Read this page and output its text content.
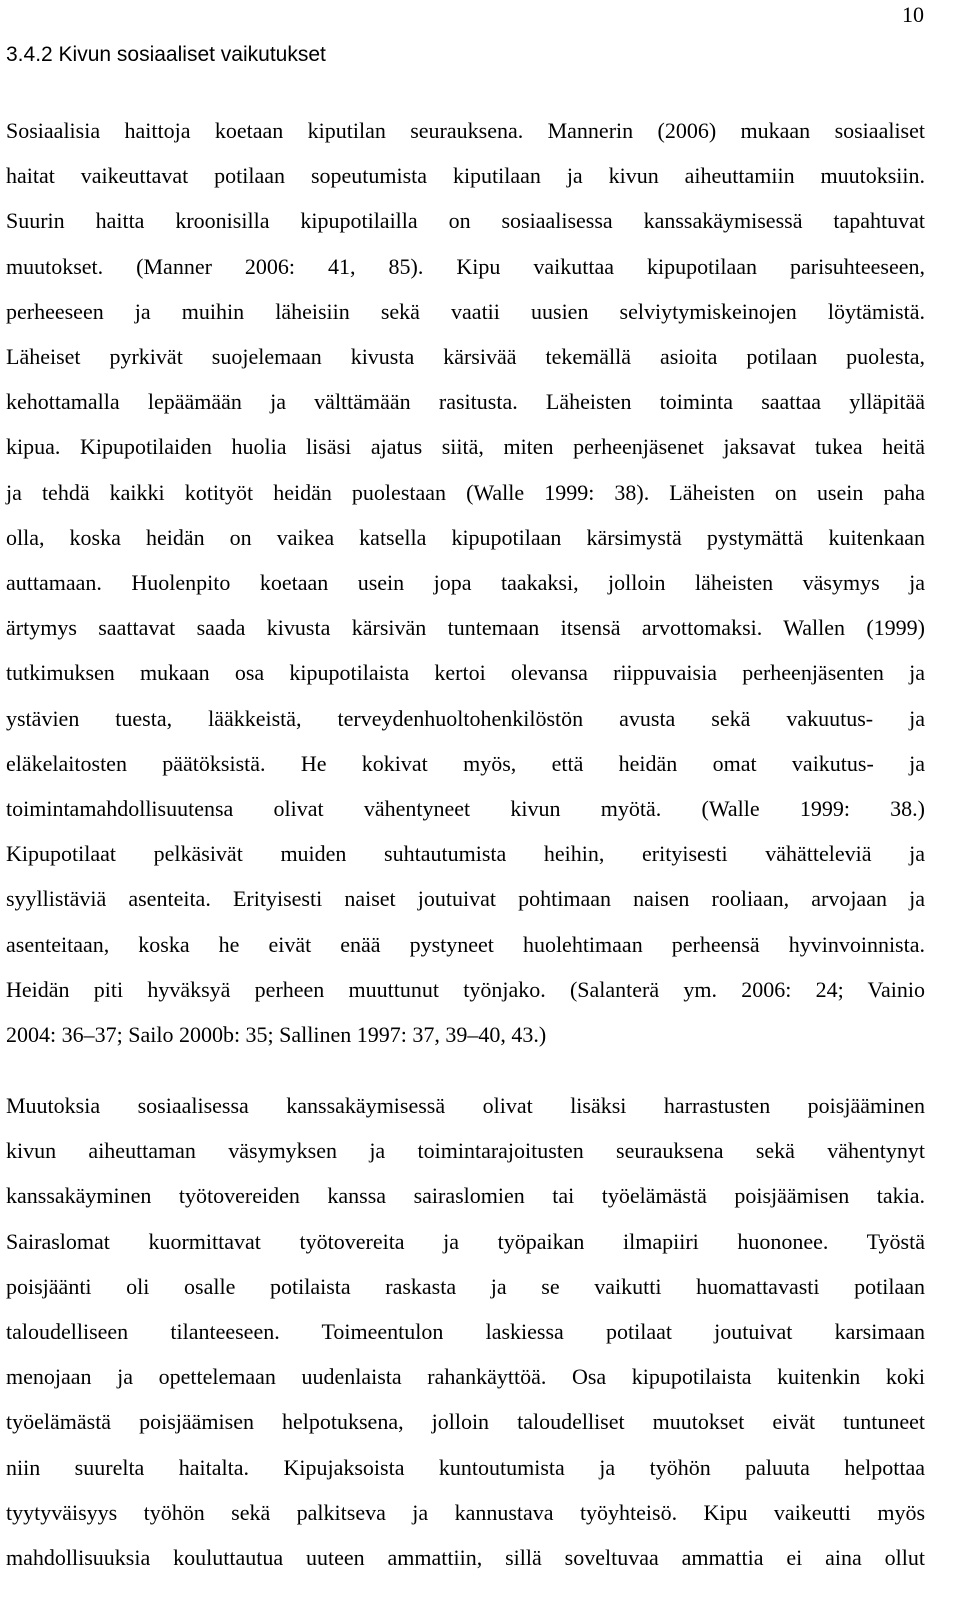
10
3.4.2 Kivun sosiaaliset vaikutukset
Sosiaalisia haittoja koetaan kiputilan seurauksena. Mannerin (2006) mukaan sosiaaliset
haitat vaikeuttavat potilaan sopeutumista kiputilaan ja kivun aiheuttamiin muutoksiin.
Suurin haitta kroonisilla kipupotilailla on sosiaalisessa kanssakäymisessä tapahtuvat
muutokset. (Manner 2006: 41, 85). Kipu vaikuttaa kipupotilaan parisuhteeseen,
perheeseen ja muihin läheisiin sekä vaatii uusien selviytymiskeinojen löytämistä.
Läheiset pyrkivät suojelemaan kivusta kärsivää tekemällä asioita potilaan puolesta,
kehottamalla lepäämään ja välttämään rasitusta. Läheisten toiminta saattaa ylläpitää
kipua. Kipupotilaiden huolia lisäsi ajatus siitä, miten perheenjäsenet jaksavat tukea heitä
ja tehdä kaikki kotityöt heidän puolestaan (Walle 1999: 38). Läheisten on usein paha
olla, koska heidän on vaikea katsella kipupotilaan kärsimystä pystymättä kuitenkaan
auttamaan. Huolenpito koetaan usein jopa taakaksi, jolloin läheisten väsymys ja
ärtymys saattavat saada kivusta kärsivän tuntemaan itsensä arvottomaksi. Wallen (1999)
tutkimuksen mukaan osa kipupotilaista kertoi olevansa riippuvaisia perheenjäsenten ja
ystävien tuesta, lääkkeistä, terveydenhuoltohenkilöstön avusta sekä vakuutus- ja
eläkelaitosten päätöksistä. He kokivat myös, että heidän omat vaikutus- ja
toimintamahdollisuutensa olivat vähentyneet kivun myötä. (Walle 1999: 38.)
Kipupotilaat pelkäsivät muiden suhtautumista heihin, erityisesti vähätteleviä ja
syyllistäviä asenteita. Erityisesti naiset joutuivat pohtimaan naisen rooliaan, arvojaan ja
asenteitaan, koska he eivät enää pystyneet huolehtimaan perheensä hyvinvoinnista.
Heidän piti hyväksyä perheen muuttunut työnjako. (Salanterä ym. 2006: 24; Vainio
2004: 36–37; Sailo 2000b: 35; Sallinen 1997: 37, 39–40, 43.)
Muutoksia sosiaalisessa kanssakäymisessä olivat lisäksi harrastusten poisjääminen
kivun aiheuttaman väsymyksen ja toimintarajoitusten seurauksena sekä vähentynyt
kanssakäyminen työtovereiden kanssa sairaslomien tai työelämästä poisjäämisen takia.
Sairaslomat kuormittavat työtovereita ja työpaikan ilmapiiri huononee. Työstä
poisjäänti oli osalle potilaista raskasta ja se vaikutti huomattavasti potilaan
taloudelliseen tilanteeseen. Toimeentulon laskiessa potilaat joutuivat karsimaan
menojaan ja opettelemaan uudenlaista rahankäyttöä. Osa kipupotilaista kuitenkin koki
työelämästä poisjäämisen helpotuksena, jolloin taloudelliset muutokset eivät tuntuneet
niin suurelta haitalta. Kipujaksoista kuntoutumista ja työhön paluuta helpottaa
tyytyväisyys työhön sekä palkitseva ja kannustava työyhteisö. Kipu vaikeutti myös
mahdollisuuksia kouluttautua uuteen ammattiin, sillä soveltuvaa ammattia ei aina ollut
